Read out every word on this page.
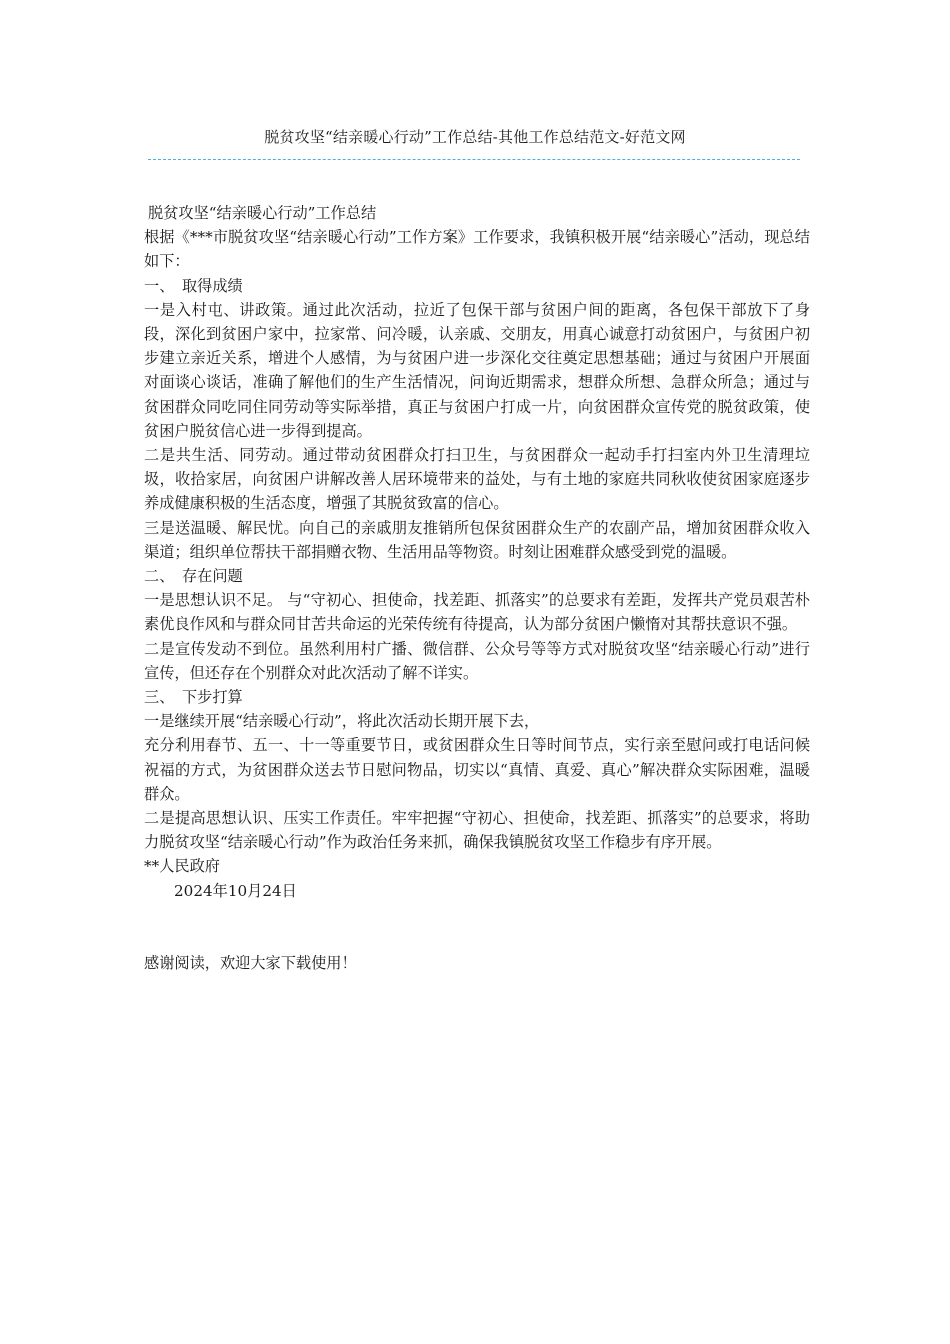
脱贫攻坚“结亲暖心行动”工作总结-其他工作总结范文-好范文网

脱贫攻坚“结亲暖心行动”工作总结

根据《***市脱贫攻坚“结亲暖心行动”工作方案》工作要求，我镇积极开展“结亲暖心”活动，现总结如下：

一、　取得成绩

一是入村屯、讲政策。通过此次活动，拉近了包保干部与贫困户间的距离，各包保干部放下了身段，深化到贫困户家中，拉家常、问冷暖，认亲戚、交朋友，用真心诚意打动贫困户，与贫困户初步建立亲近关系，增进个人感情，为与贫困户进一步深化交往奠定思想基础；通过与贫困户开展面对面谈心谈话，准确了解他们的生产生活情况，问询近期需求，想群众所想、急群众所急；通过与贫困群众同吃同住同劳动等实际举措，真正与贫困户打成一片，向贫困群众宣传党的脱贫政策，使贫困户脱贫信心进一步得到提高。

二是共生活、同劳动。通过带动贫困群众打扫卫生，与贫困群众一起动手打扫室内外卫生清理垃圾，收拾家居，向贫困户讲解改善人居环境带来的益处，与有土地的家庭共同秋收使贫困家庭逐步养成健康积极的生活态度，增强了其脱贫致富的信心。

三是送温暖、解民忧。向自己的亲戚朋友推销所包保贫困群众生产的农副产品，增加贫困群众收入渠道；组织单位帮扶干部捐赠衣物、生活用品等物资。时刻让困难群众感受到党的温暖。

二、　存在问题

一是思想认识不足。 与“守初心、担使命，找差距、抓落实”的总要求有差距，发挥共产党员艰苦朴素优良作风和与群众同甘苦共命运的光荣传统有待提高，认为部分贫困户懒惰对其帮扶意识不强。

二是宣传发动不到位。虽然利用村广播、微信群、公众号等等方式对脱贫攻坚“结亲暖心行动”进行宣传，但还存在个别群众对此次活动了解不详实。

三、　下步打算

一是继续开展“结亲暖心行动”，将此次活动长期开展下去，

充分利用春节、五一、十一等重要节日，或贫困群众生日等时间节点，实行亲至慰问或打电话问候祝福的方式，为贫困群众送去节日慰问物品，切实以“真情、真爱、真心”解决群众实际困难，温暖群众。

二是提高思想认识、压实工作责任。牢牢把握“守初心、担使命，找差距、抓落实”的总要求，将助力脱贫攻坚“结亲暖心行动”作为政治任务来抓，确保我镇脱贫攻坚工作稳步有序开展。

**人民政府

2024年10月24日

感谢阅读，欢迎大家下载使用！
